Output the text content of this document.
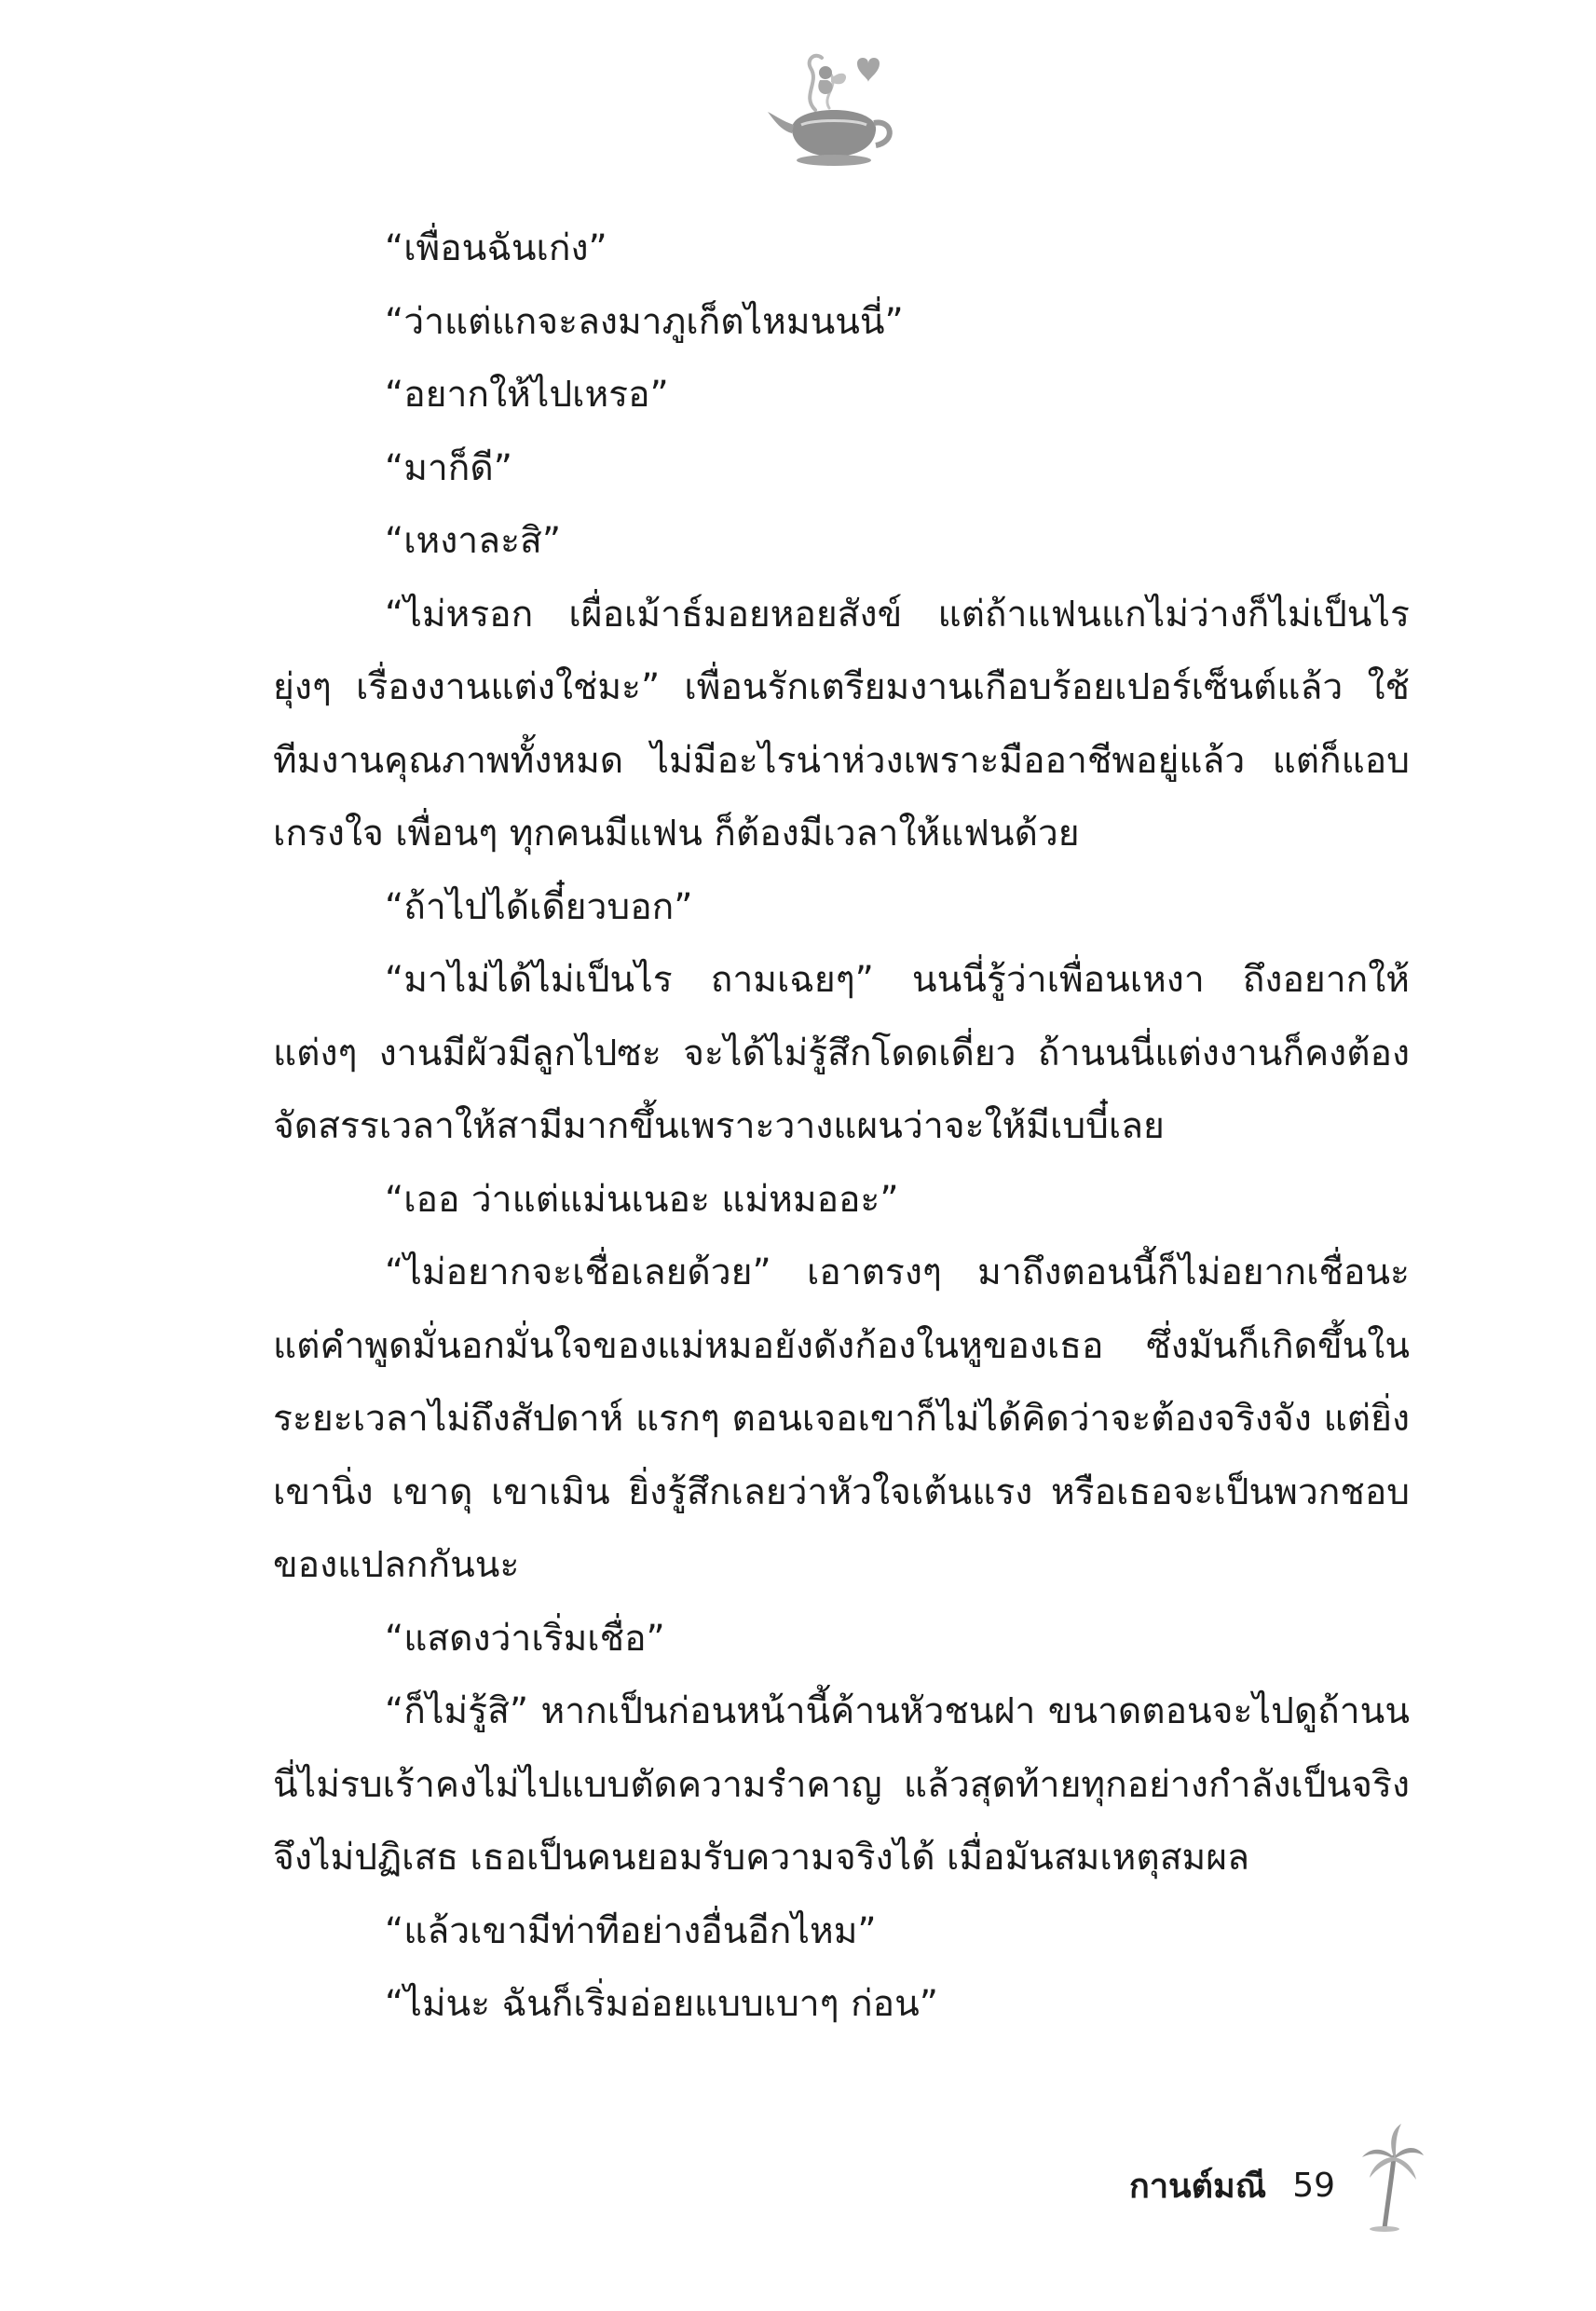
“เพื่อนฉันเก่ง”

“ว่าแต่แกจะลงมาภูเก็ตไหมนนนี่”

“อยากให้ไปเหรอ”

“มาก็ดี”

“เหงาละสิ”

“ไม่หรอก เผื่อเม้าธ์มอยหอยสังข์ แต่ถ้าแฟนแกไม่ว่างก็ไม่เป็นไร ยุ่งๆ เรื่องงานแต่งใช่มะ” เพื่อนรักเตรียมงานเกือบร้อยเปอร์เซ็นต์แล้ว ใช้ทีมงานคุณภาพทั้งหมด ไม่มีอะไรน่าห่วงเพราะมืออาชีพอยู่แล้ว แต่ก็แอบเกรงใจ เพื่อนๆ ทุกคนมีแฟน ก็ต้องมีเวลาให้แฟนด้วย

“ถ้าไปได้เดี๋ยวบอก”

“มาไม่ได้ไม่เป็นไร ถามเฉยๆ” นนนี่รู้ว่าเพื่อนเหงา ถึงอยากให้แต่งๆ งานมีผัวมีลูกไปซะ จะได้ไม่รู้สึกโดดเดี่ยว ถ้านนนี่แต่งงานก็คงต้องจัดสรรเวลาให้สามีมากขึ้นเพราะวางแผนว่าจะให้มีเบบี๋เลย

“เออ ว่าแต่แม่นเนอะ แม่หมออะ”

“ไม่อยากจะเชื่อเลยด้วย” เอาตรงๆ มาถึงตอนนี้ก็ไม่อยากเชื่อนะ แต่คำพูดมั่นอกมั่นใจของแม่หมอยังดังก้องในหูของเธอ ซึ่งมันก็เกิดขึ้นในระยะเวลาไม่ถึงสัปดาห์ แรกๆ ตอนเจอเขาก็ไม่ได้คิดว่าจะต้องจริงจัง แต่ยิ่งเขานิ่ง เขาดุ เขาเมิน ยิ่งรู้สึกเลยว่าหัวใจเต้นแรง หรือเธอจะเป็นพวกชอบของแปลกกันนะ

“แสดงว่าเริ่มเชื่อ”

“ก็ไม่รู้สิ” หากเป็นก่อนหน้านี้ค้านหัวชนฝา ขนาดตอนจะไปดูถ้านนนี่ไม่รบเร้าคงไม่ไปแบบตัดความรำคาญ แล้วสุดท้ายทุกอย่างกำลังเป็นจริง จึงไม่ปฏิเสธ เธอเป็นคนยอมรับความจริงได้ เมื่อมันสมเหตุสมผล

“แล้วเขามีท่าทีอย่างอื่นอีกไหม”

“ไม่นะ ฉันก็เริ่มอ่อยแบบเบาๆ ก่อน”

กานต์มณี 59
